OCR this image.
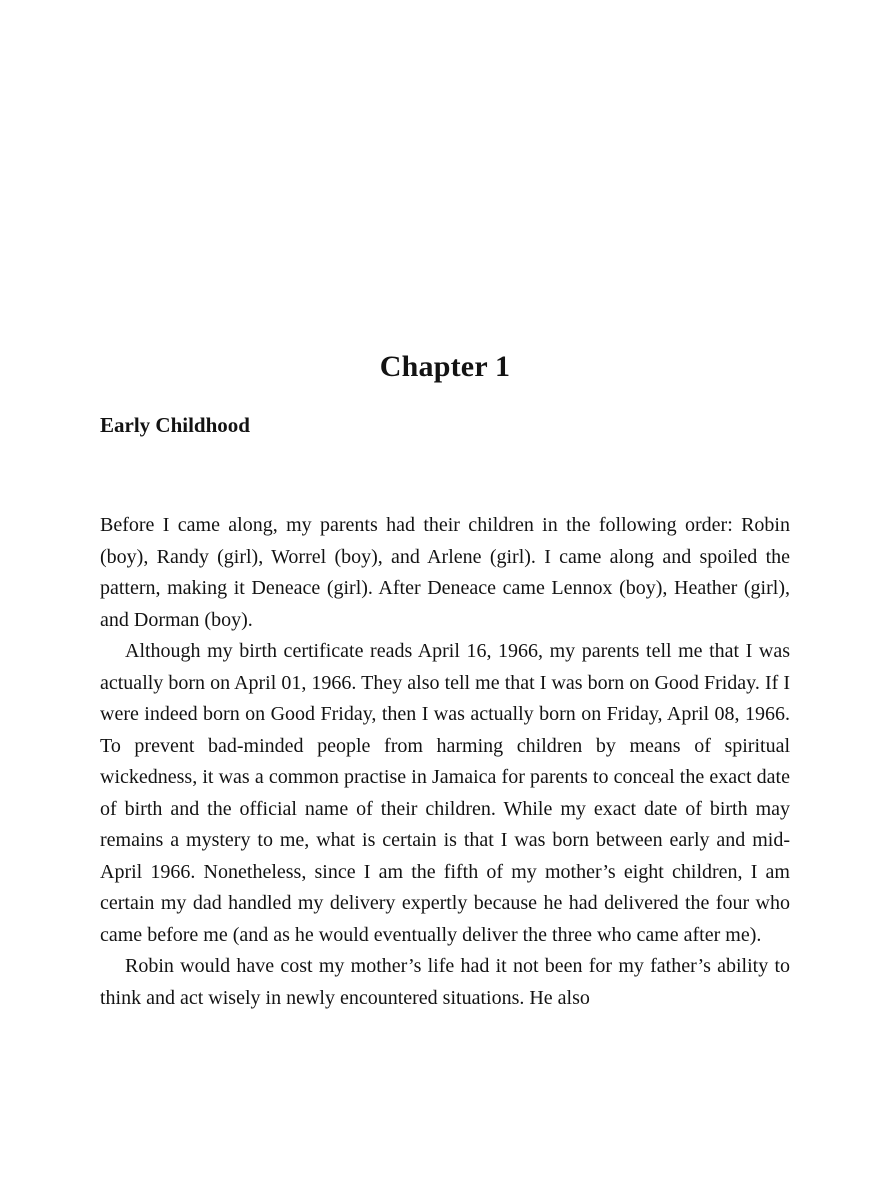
Chapter 1
Early Childhood

Before I came along, my parents had their children in the following order: Robin (boy), Randy (girl), Worrel (boy), and Arlene (girl). I came along and spoiled the pattern, making it Deneace (girl). After Deneace came Lennox (boy), Heather (girl), and Dorman (boy).

Although my birth certificate reads April 16, 1966, my parents tell me that I was actually born on April 01, 1966. They also tell me that I was born on Good Friday. If I were indeed born on Good Friday, then I was actually born on Friday, April 08, 1966. To prevent bad-minded people from harming children by means of spiritual wickedness, it was a common practise in Jamaica for parents to conceal the exact date of birth and the official name of their children. While my exact date of birth may remains a mystery to me, what is certain is that I was born between early and mid-April 1966. Nonetheless, since I am the fifth of my mother’s eight children, I am certain my dad handled my delivery expertly because he had delivered the four who came before me (and as he would eventually deliver the three who came after me).

Robin would have cost my mother’s life had it not been for my father’s ability to think and act wisely in newly encountered situations. He also
